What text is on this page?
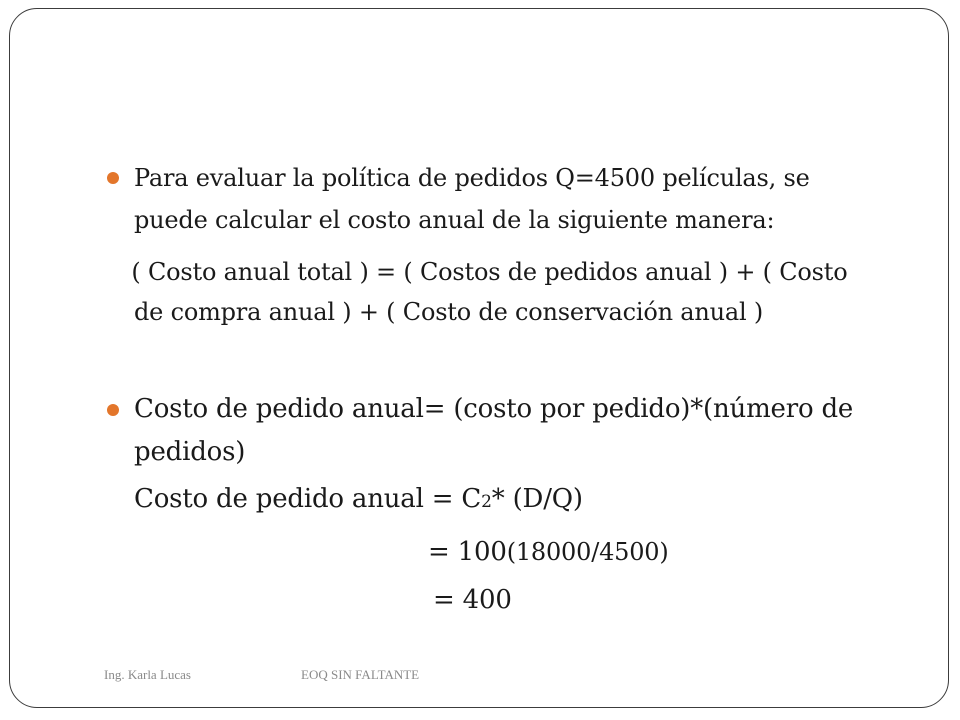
Para evaluar la política de pedidos Q=4500 películas, se
puede calcular el costo anual de la siguiente manera:
( Costo anual total ) = ( Costos de pedidos anual ) + ( Costo
de compra anual ) + ( Costo de conservación anual )
Costo de pedido anual= (costo por pedido)*(número de
pedidos)
Costo de pedido anual = C2* (D/Q)
= 100(18000/4500)
= 400
Ing. Karla Lucas	EOQ SIN FALTANTE
